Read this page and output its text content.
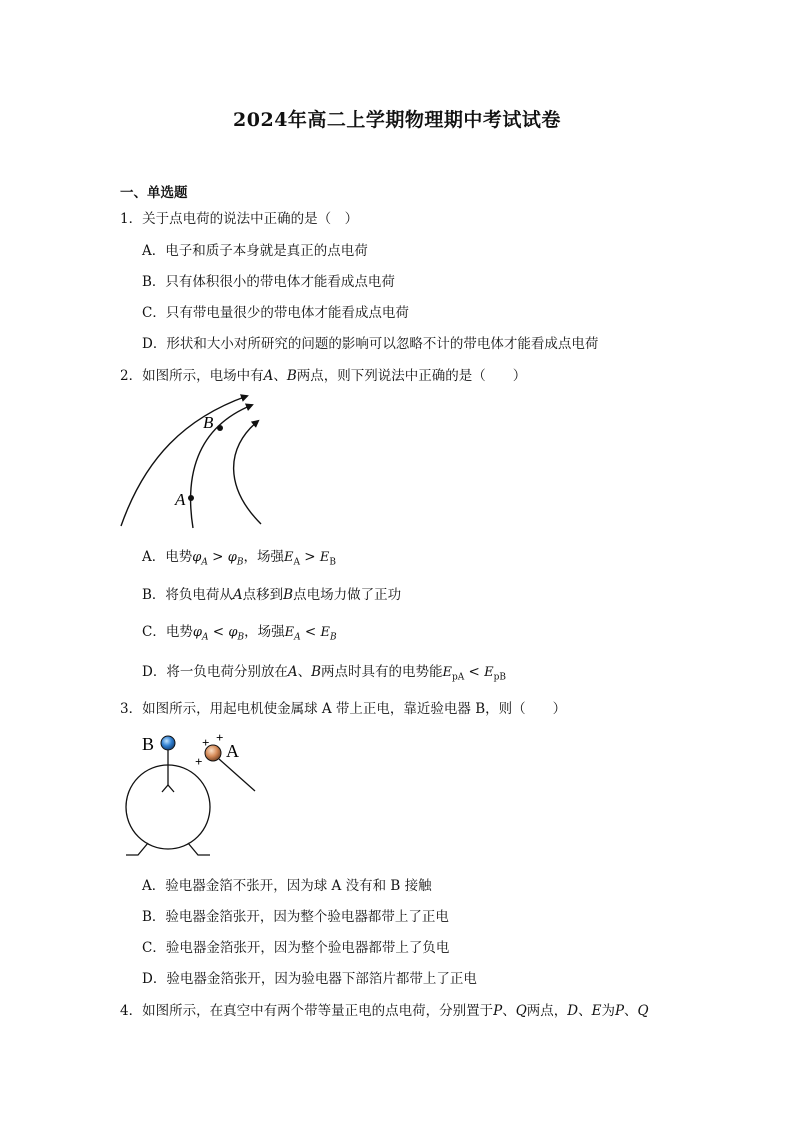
2024年高二上学期物理期中考试试卷
一、单选题
1．关于点电荷的说法中正确的是（　）
A．电子和质子本身就是真正的点电荷
B．只有体积很小的带电体才能看成点电荷
C．只有带电量很少的带电体才能看成点电荷
D．形状和大小对所研究的问题的影响可以忽略不计的带电体才能看成点电荷
2．如图所示，电场中有A、B两点，则下列说法中正确的是（　　）
B
A
A．电势$\varphi_A > \varphi_B$，场强$E_A > E_B$
B．将负电荷从A点移到B点电场力做了正功
C．电势$\varphi_A < \varphi_B$，场强$E_A < E_B$
D．将一负电荷分别放在A、B两点时具有的电势能$E_{pA} < E_{pB}$
3．如图所示，用起电机使金属球 A 带上正电，靠近验电器 B，则（　　）
B	A
+ +
+
A．验电器金箔不张开，因为球 A 没有和 B 接触
B．验电器金箔张开，因为整个验电器都带上了正电
C．验电器金箔张开，因为整个验电器都带上了负电
D．验电器金箔张开，因为验电器下部箔片都带上了正电
4．如图所示，在真空中有两个带等量正电的点电荷，分别置于P、Q两点，D、E为P、Q
